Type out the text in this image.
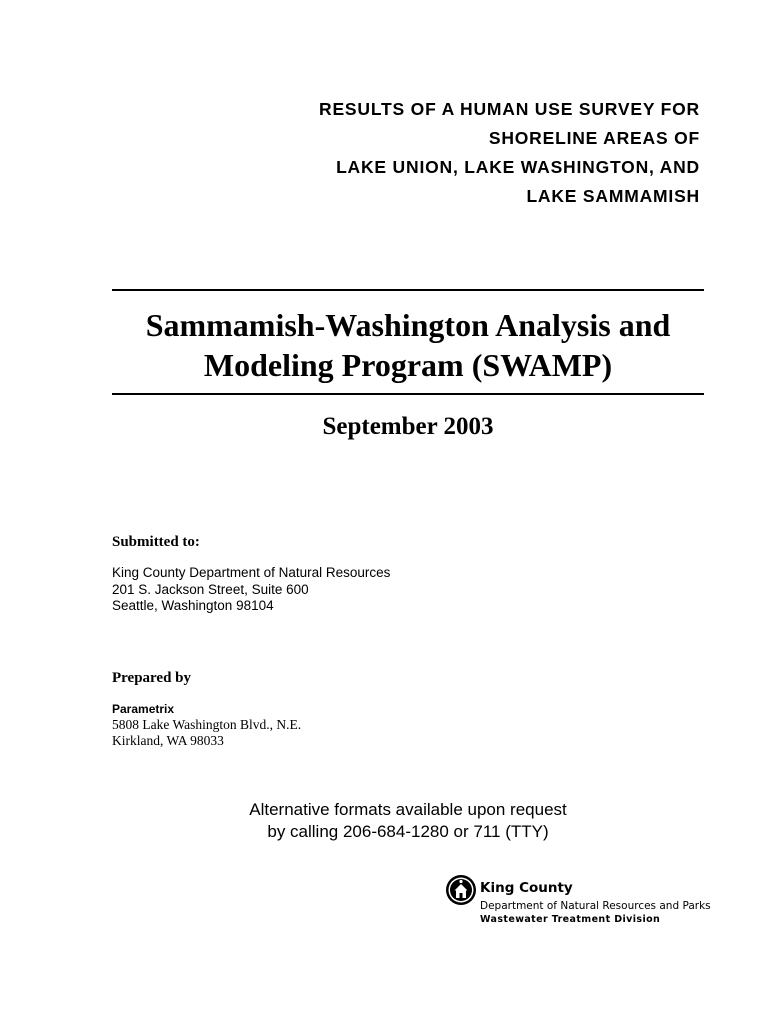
RESULTS OF A HUMAN USE SURVEY FOR
SHORELINE AREAS OF
LAKE UNION, LAKE WASHINGTON, AND
LAKE SAMMAMISH
Sammamish-Washington Analysis and
Modeling Program (SWAMP)
September 2003
Submitted to:
King County Department of Natural Resources
201 S. Jackson Street, Suite 600
Seattle, Washington 98104
Prepared by
Parametrix
5808 Lake Washington Blvd., N.E.
Kirkland, WA 98033
Alternative formats available upon request
by calling 206-684-1280 or 711 (TTY)
King County
Department of Natural Resources and Parks
Wastewater Treatment Division
